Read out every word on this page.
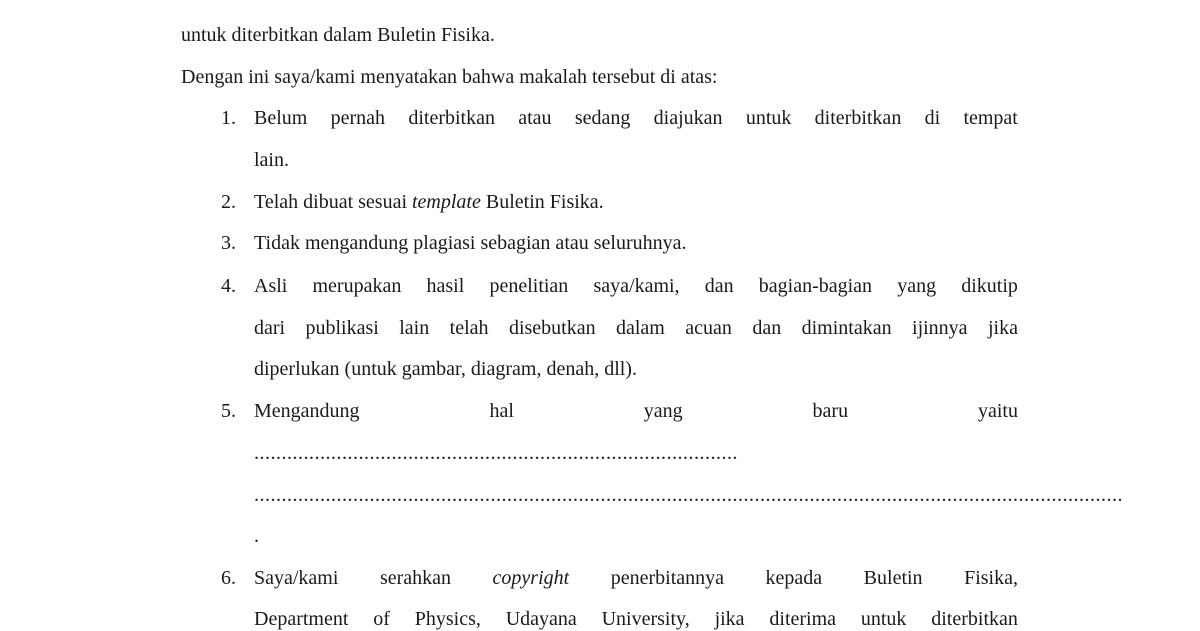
untuk diterbitkan dalam Buletin Fisika.
Dengan ini saya/kami menyatakan bahwa makalah tersebut di atas:
1. Belum pernah diterbitkan atau sedang diajukan untuk diterbitkan di tempat
lain.
2. Telah dibuat sesuai template Buletin Fisika.
3. Tidak mengandung plagiasi sebagian atau seluruhnya.
4. Asli merupakan hasil penelitian saya/kami, dan bagian-bagian yang dikutip
dari publikasi lain telah disebutkan dalam acuan dan dimintakan ijinnya jika
diperlukan (untuk gambar, diagram, denah, dll).
5. Mengandung	hal	yang	baru	yaitu
........................................................................................
..............................................................................................................................................................
.
6. Saya/kami serahkan copyright penerbitannya kepada Buletin Fisika,
Department of Physics, Udayana University, jika diterima untuk diterbitkan
